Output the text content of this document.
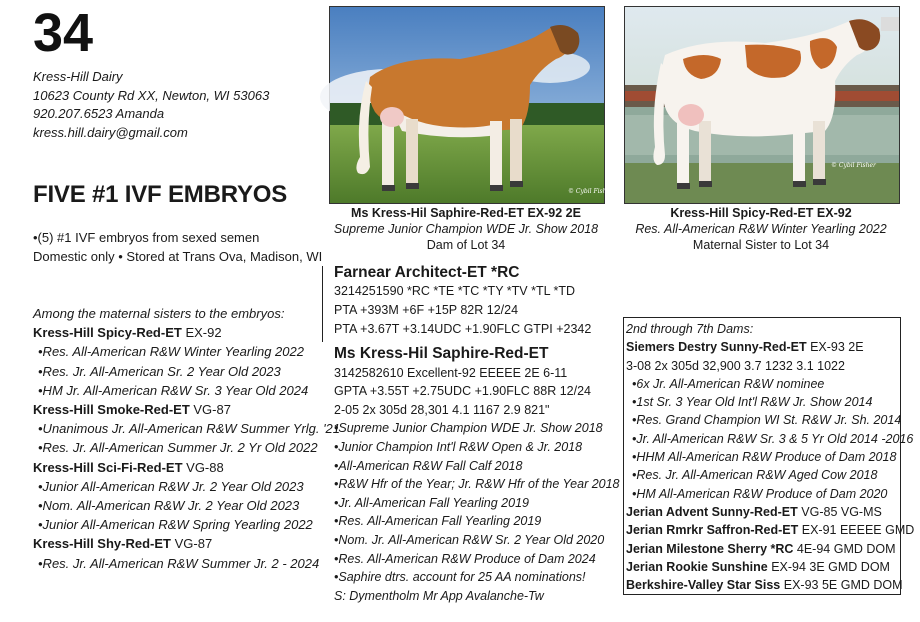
34
Kress-Hill Dairy
10623 County Rd XX, Newton, WI 53063
920.207.6523 Amanda
kress.hill.dairy@gmail.com
FIVE #1 IVF EMBRYOS
•(5) #1 IVF embryos from sexed semen
Domestic only • Stored at Trans Ova, Madison, WI
Among the maternal sisters to the embryos:
Kress-Hill Spicy-Red-ET EX-92
•Res. All-American R&W Winter Yearling 2022
•Res. Jr. All-American Sr. 2 Year Old 2023
•HM Jr. All-American R&W Sr. 3 Year Old 2024
Kress-Hill Smoke-Red-ET VG-87
•Unanimous Jr. All-American R&W Summer Yrlg. '21
•Res. Jr. All-American Summer Jr. 2 Yr Old 2022
Kress-Hill Sci-Fi-Red-ET VG-88
•Junior All-American R&W Jr. 2 Year Old 2023
•Nom. All-American R&W Jr. 2 Year Old 2023
•Junior All-American R&W Spring Yearling 2022
Kress-Hill Shy-Red-ET VG-87
•Res. Jr. All-American R&W Summer Jr. 2 - 2024
© Cybil Fisher
© Cybil Fisher
Ms Kress-Hil Saphire-Red-ET EX-92 2E
Supreme Junior Champion WDE Jr. Show 2018
Dam of Lot 34
Kress-Hill Spicy-Red-ET EX-92
Res. All-American R&W Winter Yearling 2022
Maternal Sister to Lot 34
Farnear Architect-ET *RC
3214251590 *RC *TE *TC *TY *TV *TL *TD
PTA +393M +6F +15P 82R 12/24
PTA +3.67T +3.14UDC +1.90FLC GTPI +2342
Ms Kress-Hil Saphire-Red-ET
3142582610 Excellent-92 EEEEE 2E 6-11
GPTA +3.55T +2.75UDC +1.90FLC 88R 12/24
2-05 2x 305d 28,301 4.1 1167 2.9 821"
•Supreme Junior Champion WDE Jr. Show 2018
•Junior Champion Int'l R&W Open & Jr. 2018
•All-American R&W Fall Calf 2018
•R&W Hfr of the Year; Jr. R&W Hfr of the Year 2018
•Jr. All-American Fall Yearling 2019
•Res. All-American Fall Yearling 2019
•Nom. Jr. All-American R&W Sr. 2 Year Old 2020
•Res. All-American R&W Produce of Dam 2024
•Saphire dtrs. account for 25 AA nominations!
S: Dymentholm Mr App Avalanche-Tw
2nd through 7th Dams:
Siemers Destry Sunny-Red-ET EX-93 2E
3-08 2x 305d 32,900 3.7 1232 3.1 1022
•6x Jr. All-American R&W nominee
•1st Sr. 3 Year Old Int'l R&W Jr. Show 2014
•Res. Grand Champion WI St. R&W Jr. Sh. 2014
•Jr. All-American R&W Sr. 3 & 5 Yr Old 2014 -2016
•HHM All-American R&W Produce of Dam 2018
•Res. Jr. All-American R&W Aged Cow 2018
•HM All-American R&W Produce of Dam 2020
Jerian Advent Sunny-Red-ET VG-85 VG-MS
Jerian Rmrkr Saffron-Red-ET EX-91 EEEEE GMD
Jerian Milestone Sherry *RC 4E-94 GMD DOM
Jerian Rookie Sunshine EX-94 3E GMD DOM
Berkshire-Valley Star Siss EX-93 5E GMD DOM
